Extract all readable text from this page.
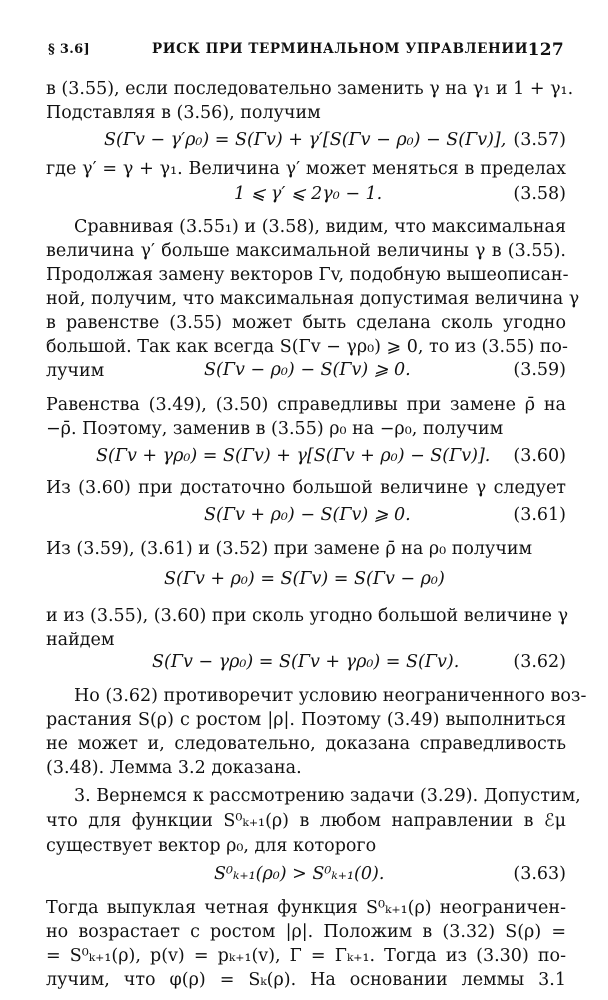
§ 3.6]	РИСК ПРИ ТЕРМИНАЛЬНОМ УПРАВЛЕНИИ 127
в (3.55), если последовательно заменить γ на γ₁ и 1 + γ₁.
Подставляя в (3.56), получим
S(Γv − γ′ρ₀) = S(Γv) + γ′[S(Γv − ρ₀) − S(Γv)], (3.57)
где γ′ = γ + γ₁. Величина γ′ может меняться в пределах
1 ⩽ γ′ ⩽ 2γ₀ − 1.	(3.58)
Сравнивая (3.55₁) и (3.58), видим, что максимальная
величина γ′ больше максимальной величины γ в (3.55).
Продолжая замену векторов Γv, подобную вышеописан-
ной, получим, что максимальная допустимая величина γ
в равенстве (3.55) может быть сделана сколь угодно
большой. Так как всегда S(Γv − γρ₀) ⩾ 0, то из (3.55) по-
лучим	S(Γv − ρ₀) − S(Γv) ⩾ 0.	(3.59)
Равенства (3.49), (3.50) справедливы при замене ρ̄ на
−ρ̄. Поэтому, заменив в (3.55) ρ₀ на −ρ₀, получим
S(Γv + γρ₀) = S(Γv) + γ[S(Γv + ρ₀) − S(Γv)]. (3.60)
Из (3.60) при достаточно большой величине γ следует
S(Γv + ρ₀) − S(Γv) ⩾ 0.	(3.61)
Из (3.59), (3.61) и (3.52) при замене ρ̄ на ρ₀ получим
S(Γv + ρ₀) = S(Γv) = S(Γv − ρ₀)
и из (3.55), (3.60) при сколь угодно большой величине γ
найдем
S(Γv − γρ₀) = S(Γv + γρ₀) = S(Γv).	(3.62)
Но (3.62) противоречит условию неограниченного воз-
растания S(ρ) с ростом |ρ|. Поэтому (3.49) выполниться
не может и, следовательно, доказана справедливость
(3.48). Лемма 3.2 доказана.
3. Вернемся к рассмотрению задачи (3.29). Допустим,
что для функции S⁰ₖ₊₁(ρ) в любом направлении в ℰμ
существует вектор ρ₀, для которого
S⁰ₖ₊₁(ρ₀) > S⁰ₖ₊₁(0).	(3.63)
Тогда выпуклая четная функция S⁰ₖ₊₁(ρ) неограничен-
но возрастает с ростом |ρ|. Положим в (3.32) S(ρ) =
= S⁰ₖ₊₁(ρ), p(v) = pₖ₊₁(v), Γ = Γₖ₊₁. Тогда из (3.30) по-
лучим, что φ(ρ) = Sₖ(ρ). На основании леммы 3.1
